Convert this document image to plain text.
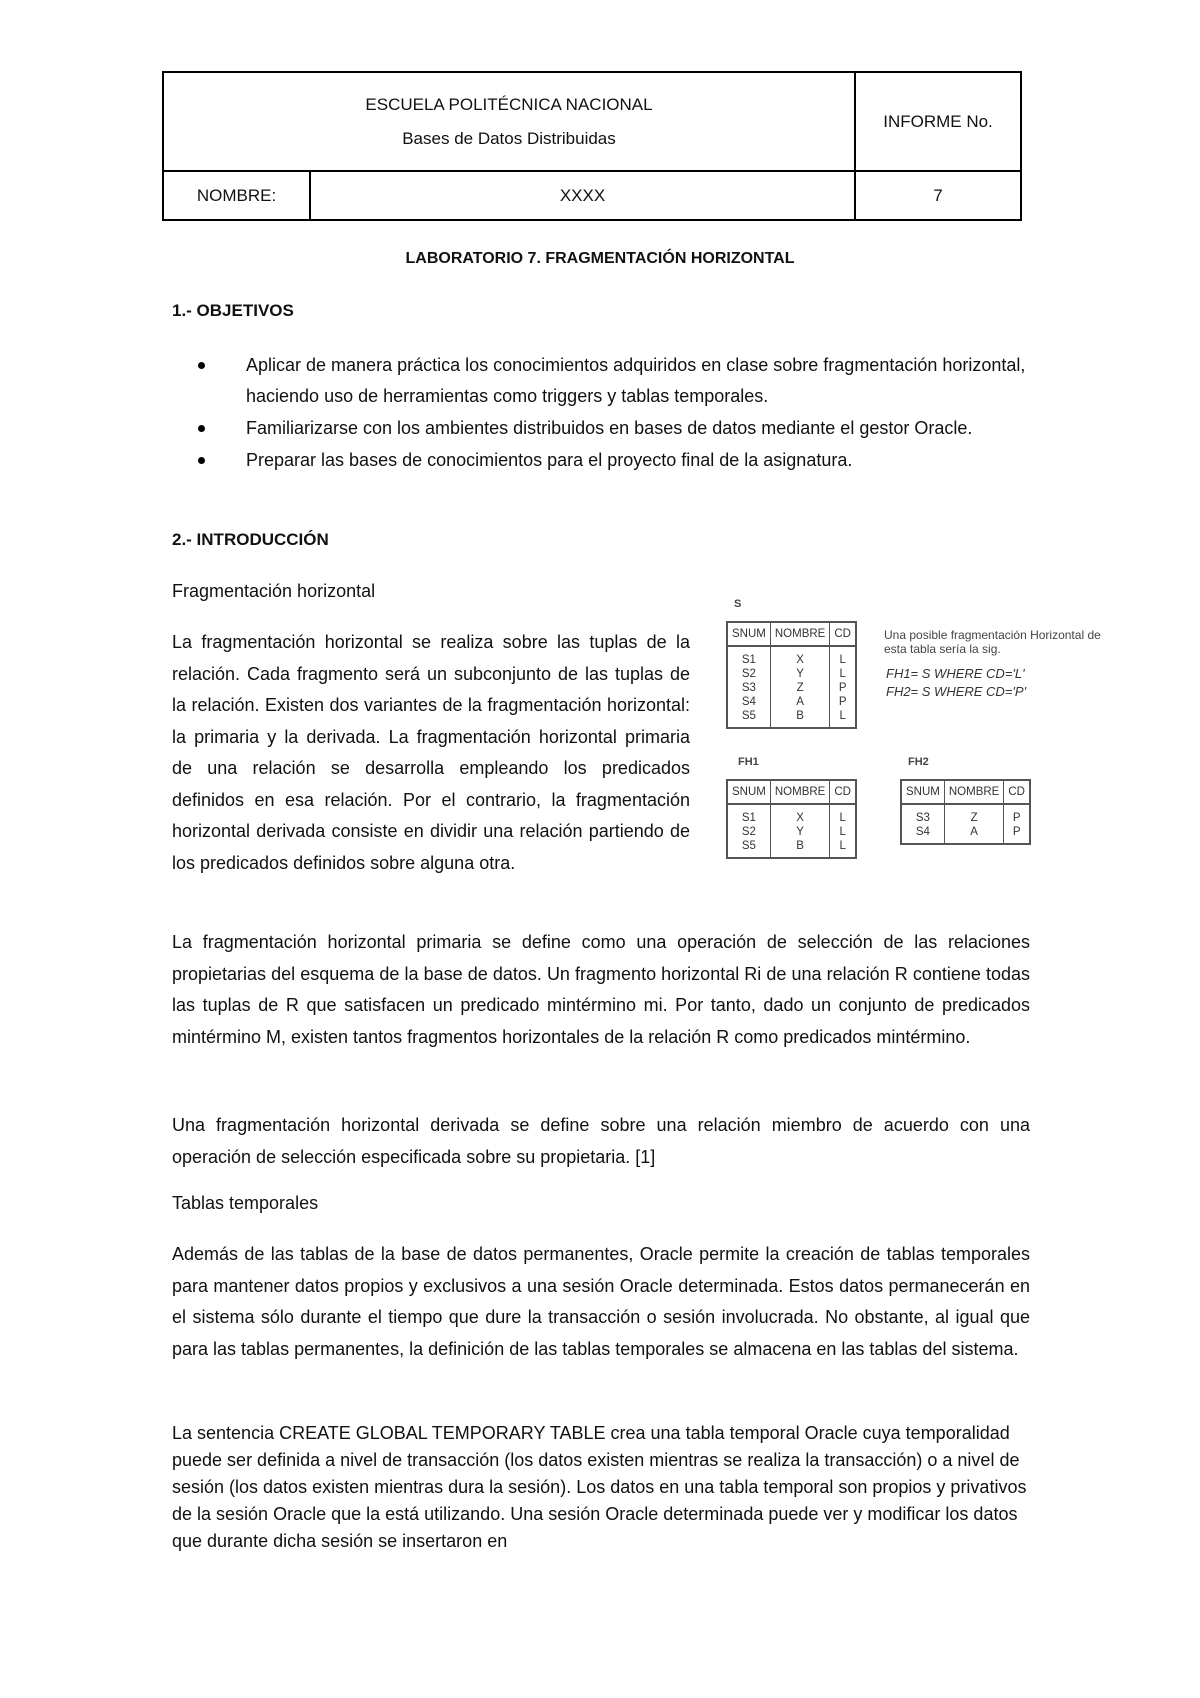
ESCUELA POLITÉCNICA NACIONAL
Bases de Datos Distribuidas
INFORME No.
NOMBRE:	XXXX	7
LABORATORIO 7. FRAGMENTACIÓN HORIZONTAL
1.- OBJETIVOS
Aplicar de manera práctica los conocimientos adquiridos en clase sobre fragmentación horizontal, haciendo uso de herramientas como triggers y tablas temporales.
Familiarizarse con los ambientes distribuidos en bases de datos mediante el gestor Oracle.
Preparar las bases de conocimientos para el proyecto final de la asignatura.
2.- INTRODUCCIÓN
Fragmentación horizontal

La fragmentación horizontal se realiza sobre las tuplas de la relación. Cada fragmento será un subconjunto de las tuplas de la relación. Existen dos variantes de la fragmentación horizontal: la primaria y la derivada. La fragmentación horizontal primaria de una relación se desarrolla empleando los predicados definidos en esa relación. Por el contrario, la fragmentación horizontal derivada consiste en dividir una relación partiendo de los predicados definidos sobre alguna otra.

S
SNUM	NOMBRE	CD
S1	X	L
S2	Y	L
S3	Z	P
S4	A	P
S5	B	L
Una posible fragmentación Horizontal de esta tabla sería la sig.
FH1= S WHERE CD='L'
FH2= S WHERE CD='P'
FH1
SNUM	NOMBRE	CD
S1	X	L
S2	Y	L
S5	B	L
FH2
SNUM	NOMBRE	CD
S3	Z	P
S4	A	P

La fragmentación horizontal primaria se define como una operación de selección de las relaciones propietarias del esquema de la base de datos. Un fragmento horizontal Ri de una relación R contiene todas las tuplas de R que satisfacen un predicado mintérmino mi. Por tanto, dado un conjunto de predicados mintérmino M, existen tantos fragmentos horizontales de la relación R como predicados mintérmino.

Una fragmentación horizontal derivada se define sobre una relación miembro de acuerdo con una operación de selección especificada sobre su propietaria. [1]

Tablas temporales

Además de las tablas de la base de datos permanentes, Oracle permite la creación de tablas temporales para mantener datos propios y exclusivos a una sesión Oracle determinada. Estos datos permanecerán en el sistema sólo durante el tiempo que dure la transacción o sesión involucrada. No obstante, al igual que para las tablas permanentes, la definición de las tablas temporales se almacena en las tablas del sistema.

La sentencia CREATE GLOBAL TEMPORARY TABLE crea una tabla temporal Oracle cuya temporalidad puede ser definida a nivel de transacción (los datos existen mientras se realiza la transacción) o a nivel de sesión (los datos existen mientras dura la sesión). Los datos en una tabla temporal son propios y privativos de la sesión Oracle que la está utilizando. Una sesión Oracle determinada puede ver y modificar los datos que durante dicha sesión se insertaron en
